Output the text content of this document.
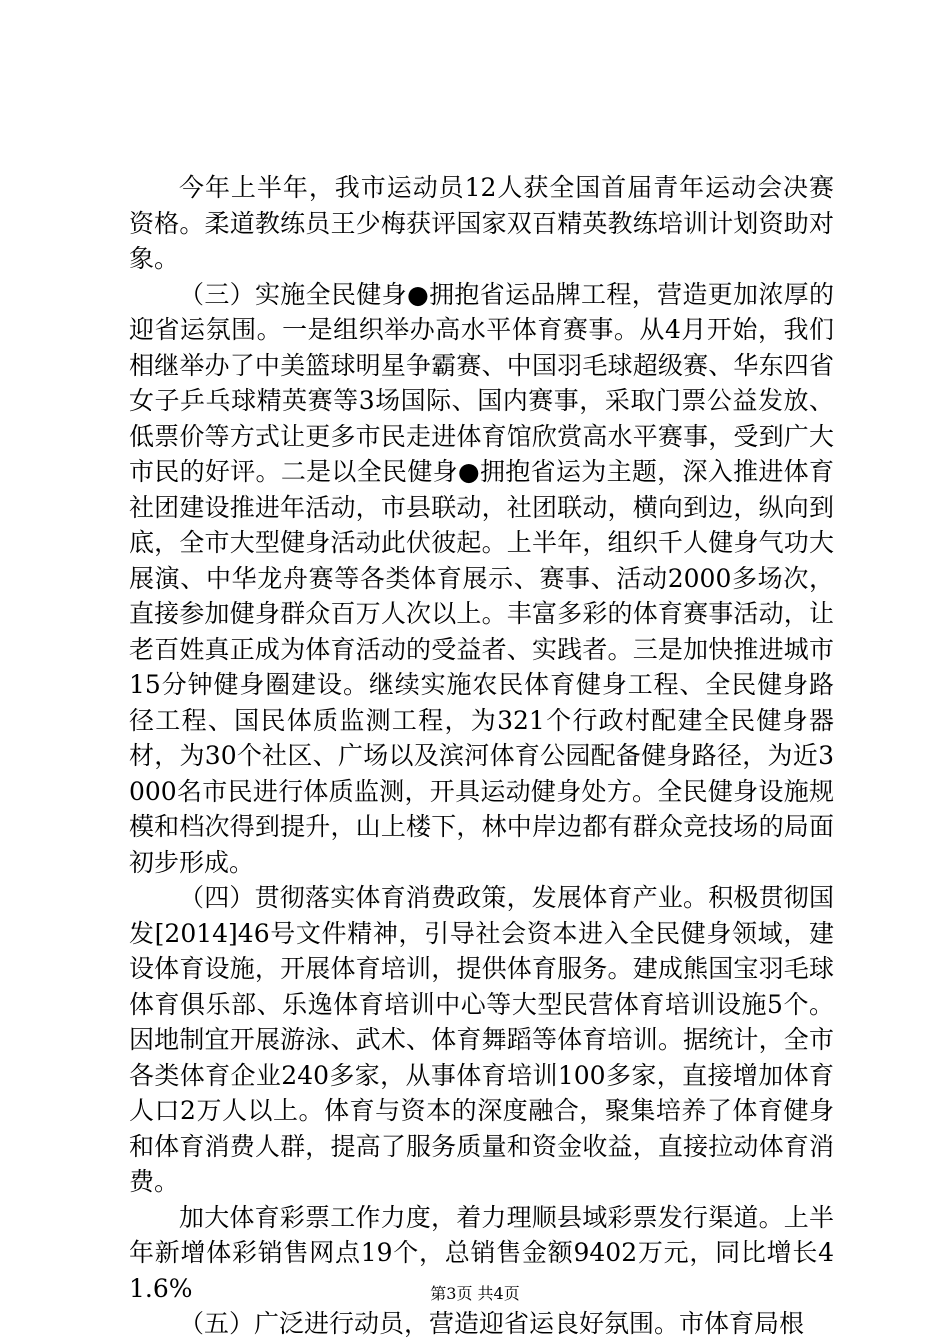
今年上半年，我市运动员12人获全国首届青年运动会决赛资格。柔道教练员王少梅获评国家双百精英教练培训计划资助对象。

（三）实施全民健身●拥抱省运品牌工程，营造更加浓厚的迎省运氛围。一是组织举办高水平体育赛事。从4月开始，我们相继举办了中美篮球明星争霸赛、中国羽毛球超级赛、华东四省女子乒乓球精英赛等3场国际、国内赛事，采取门票公益发放、低票价等方式让更多市民走进体育馆欣赏高水平赛事，受到广大市民的好评。二是以全民健身●拥抱省运为主题，深入推进体育社团建设推进年活动，市县联动，社团联动，横向到边，纵向到底，全市大型健身活动此伏彼起。上半年，组织千人健身气功大展演、中华龙舟赛等各类体育展示、赛事、活动2000多场次，直接参加健身群众百万人次以上。丰富多彩的体育赛事活动，让老百姓真正成为体育活动的受益者、实践者。三是加快推进城市15分钟健身圈建设。继续实施农民体育健身工程、全民健身路径工程、国民体质监测工程，为321个行政村配建全民健身器材，为30个社区、广场以及滨河体育公园配备健身路径，为近3000名市民进行体质监测，开具运动健身处方。全民健身设施规模和档次得到提升，山上楼下，林中岸边都有群众竞技场的局面初步形成。

（四）贯彻落实体育消费政策，发展体育产业。积极贯彻国发[2014]46号文件精神，引导社会资本进入全民健身领域，建设体育设施，开展体育培训，提供体育服务。建成熊国宝羽毛球体育俱乐部、乐逸体育培训中心等大型民营体育培训设施5个。因地制宜开展游泳、武术、体育舞蹈等体育培训。据统计，全市各类体育企业240多家，从事体育培训100多家，直接增加体育人口2万人以上。体育与资本的深度融合，聚集培养了体育健身和体育消费人群，提高了服务质量和资金收益，直接拉动体育消费。

加大体育彩票工作力度，着力理顺县域彩票发行渠道。上半年新增体彩销售网点19个，总销售金额9402万元，同比增长41.6%

（五）广泛进行动员，营造迎省运良好氛围。市体育局根

第3页 共4页
